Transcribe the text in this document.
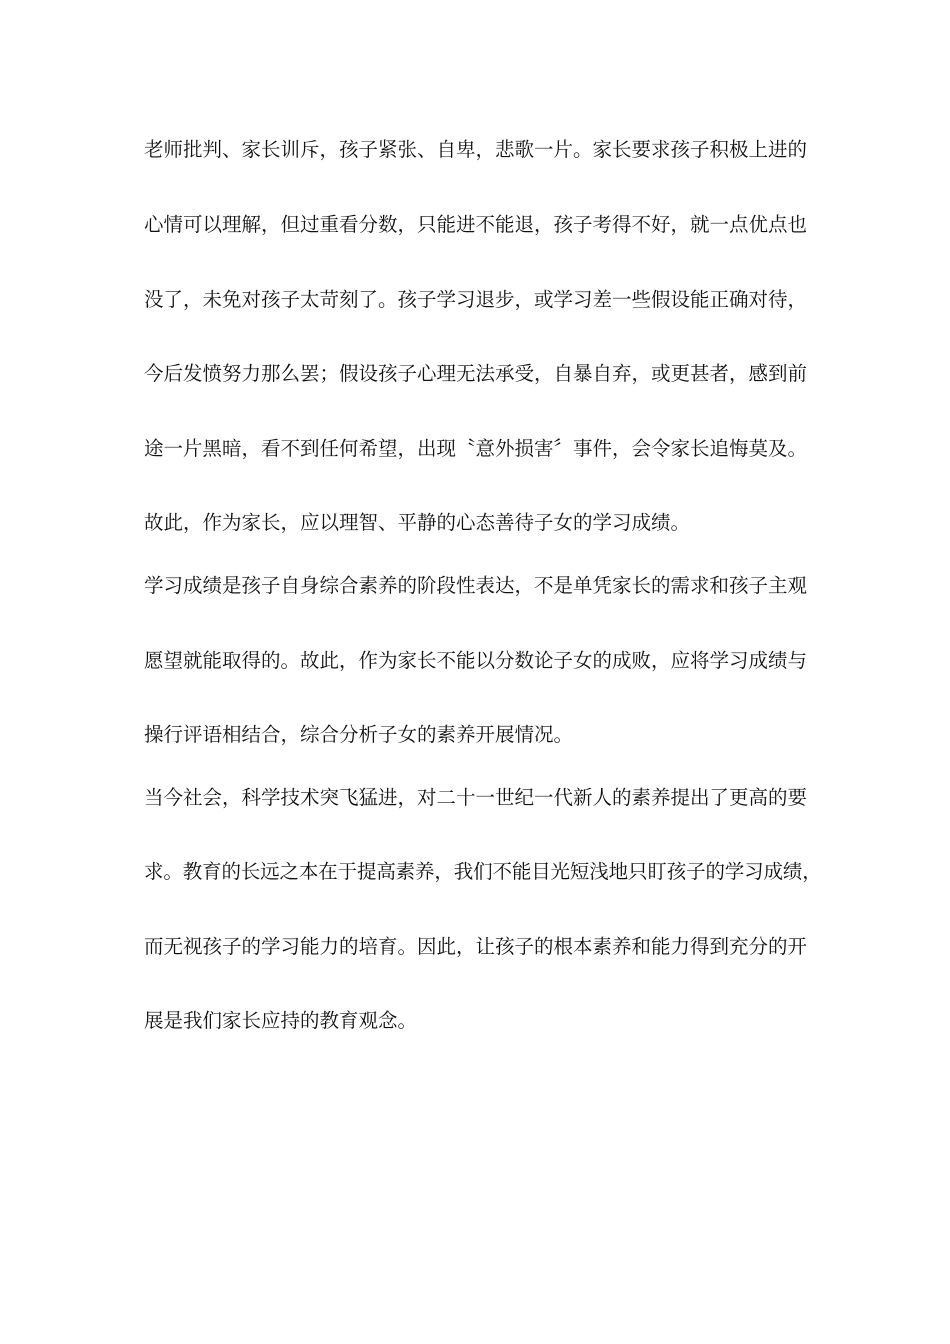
老师批判、家长训斥，孩子紧张、自卑，悲歌一片。家长要求孩子积极上进的
心情可以理解，但过重看分数，只能进不能退，孩子考得不好，就一点优点也
没了，未免对孩子太苛刻了。孩子学习退步，或学习差一些假设能正确对待，
今后发愤努力那么罢；假设孩子心理无法承受，自暴自弃，或更甚者，感到前
途一片黑暗，看不到任何希望，出现〝意外损害〞事件，会令家长追悔莫及。
故此，作为家长，应以理智、平静的心态善待子女的学习成绩。
学习成绩是孩子自身综合素养的阶段性表达，不是单凭家长的需求和孩子主观
愿望就能取得的。故此，作为家长不能以分数论子女的成败，应将学习成绩与
操行评语相结合，综合分析子女的素养开展情况。
当今社会，科学技术突飞猛进，对二十一世纪一代新人的素养提出了更高的要
求。教育的长远之本在于提高素养，我们不能目光短浅地只盯孩子的学习成绩，
而无视孩子的学习能力的培育。因此，让孩子的根本素养和能力得到充分的开
展是我们家长应持的教育观念。
